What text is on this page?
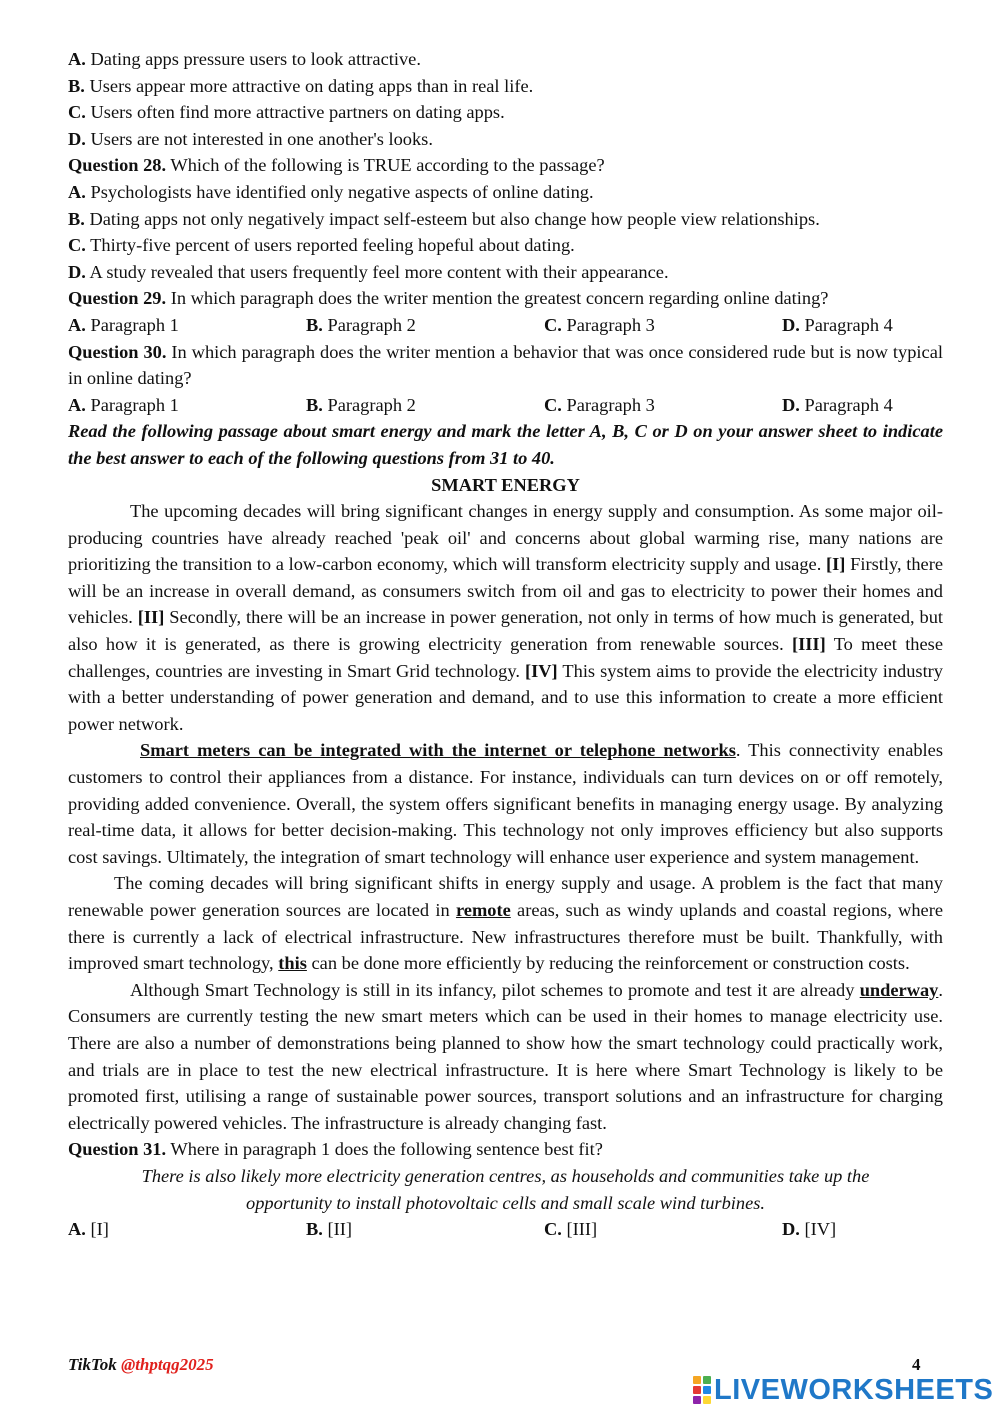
A. Dating apps pressure users to look attractive.
B. Users appear more attractive on dating apps than in real life.
C. Users often find more attractive partners on dating apps.
D. Users are not interested in one another's looks.
Question 28. Which of the following is TRUE according to the passage?
A. Psychologists have identified only negative aspects of online dating.
B. Dating apps not only negatively impact self-esteem but also change how people view relationships.
C. Thirty-five percent of users reported feeling hopeful about dating.
D. A study revealed that users frequently feel more content with their appearance.
Question 29. In which paragraph does the writer mention the greatest concern regarding online dating?
A. Paragraph 1	B. Paragraph 2	C. Paragraph 3	D. Paragraph 4
Question 30. In which paragraph does the writer mention a behavior that was once considered rude but is now typical in online dating?
A. Paragraph 1	B. Paragraph 2	C. Paragraph 3	D. Paragraph 4
Read the following passage about smart energy and mark the letter A, B, C or D on your answer sheet to indicate the best answer to each of the following questions from 31 to 40.
SMART ENERGY
The upcoming decades will bring significant changes in energy supply and consumption. As some major oil-producing countries have already reached 'peak oil' and concerns about global warming rise, many nations are prioritizing the transition to a low-carbon economy, which will transform electricity supply and usage. [I] Firstly, there will be an increase in overall demand, as consumers switch from oil and gas to electricity to power their homes and vehicles. [II] Secondly, there will be an increase in power generation, not only in terms of how much is generated, but also how it is generated, as there is growing electricity generation from renewable sources. [III] To meet these challenges, countries are investing in Smart Grid technology. [IV] This system aims to provide the electricity industry with a better understanding of power generation and demand, and to use this information to create a more efficient power network.
Smart meters can be integrated with the internet or telephone networks. This connectivity enables customers to control their appliances from a distance. For instance, individuals can turn devices on or off remotely, providing added convenience. Overall, the system offers significant benefits in managing energy usage. By analyzing real-time data, it allows for better decision-making. This technology not only improves efficiency but also supports cost savings. Ultimately, the integration of smart technology will enhance user experience and system management.
The coming decades will bring significant shifts in energy supply and usage. A problem is the fact that many renewable power generation sources are located in remote areas, such as windy uplands and coastal regions, where there is currently a lack of electrical infrastructure. New infrastructures therefore must be built. Thankfully, with improved smart technology, this can be done more efficiently by reducing the reinforcement or construction costs.
Although Smart Technology is still in its infancy, pilot schemes to promote and test it are already underway. Consumers are currently testing the new smart meters which can be used in their homes to manage electricity use. There are also a number of demonstrations being planned to show how the smart technology could practically work, and trials are in place to test the new electrical infrastructure. It is here where Smart Technology is likely to be promoted first, utilising a range of sustainable power sources, transport solutions and an infrastructure for charging electrically powered vehicles. The infrastructure is already changing fast.
Question 31. Where in paragraph 1 does the following sentence best fit?
There is also likely more electricity generation centres, as households and communities take up the opportunity to install photovoltaic cells and small scale wind turbines.
A. [I]	B. [II]	C. [III]	D. [IV]
TikTok @thptqg2025	4
LIVEWORKSHEETS
